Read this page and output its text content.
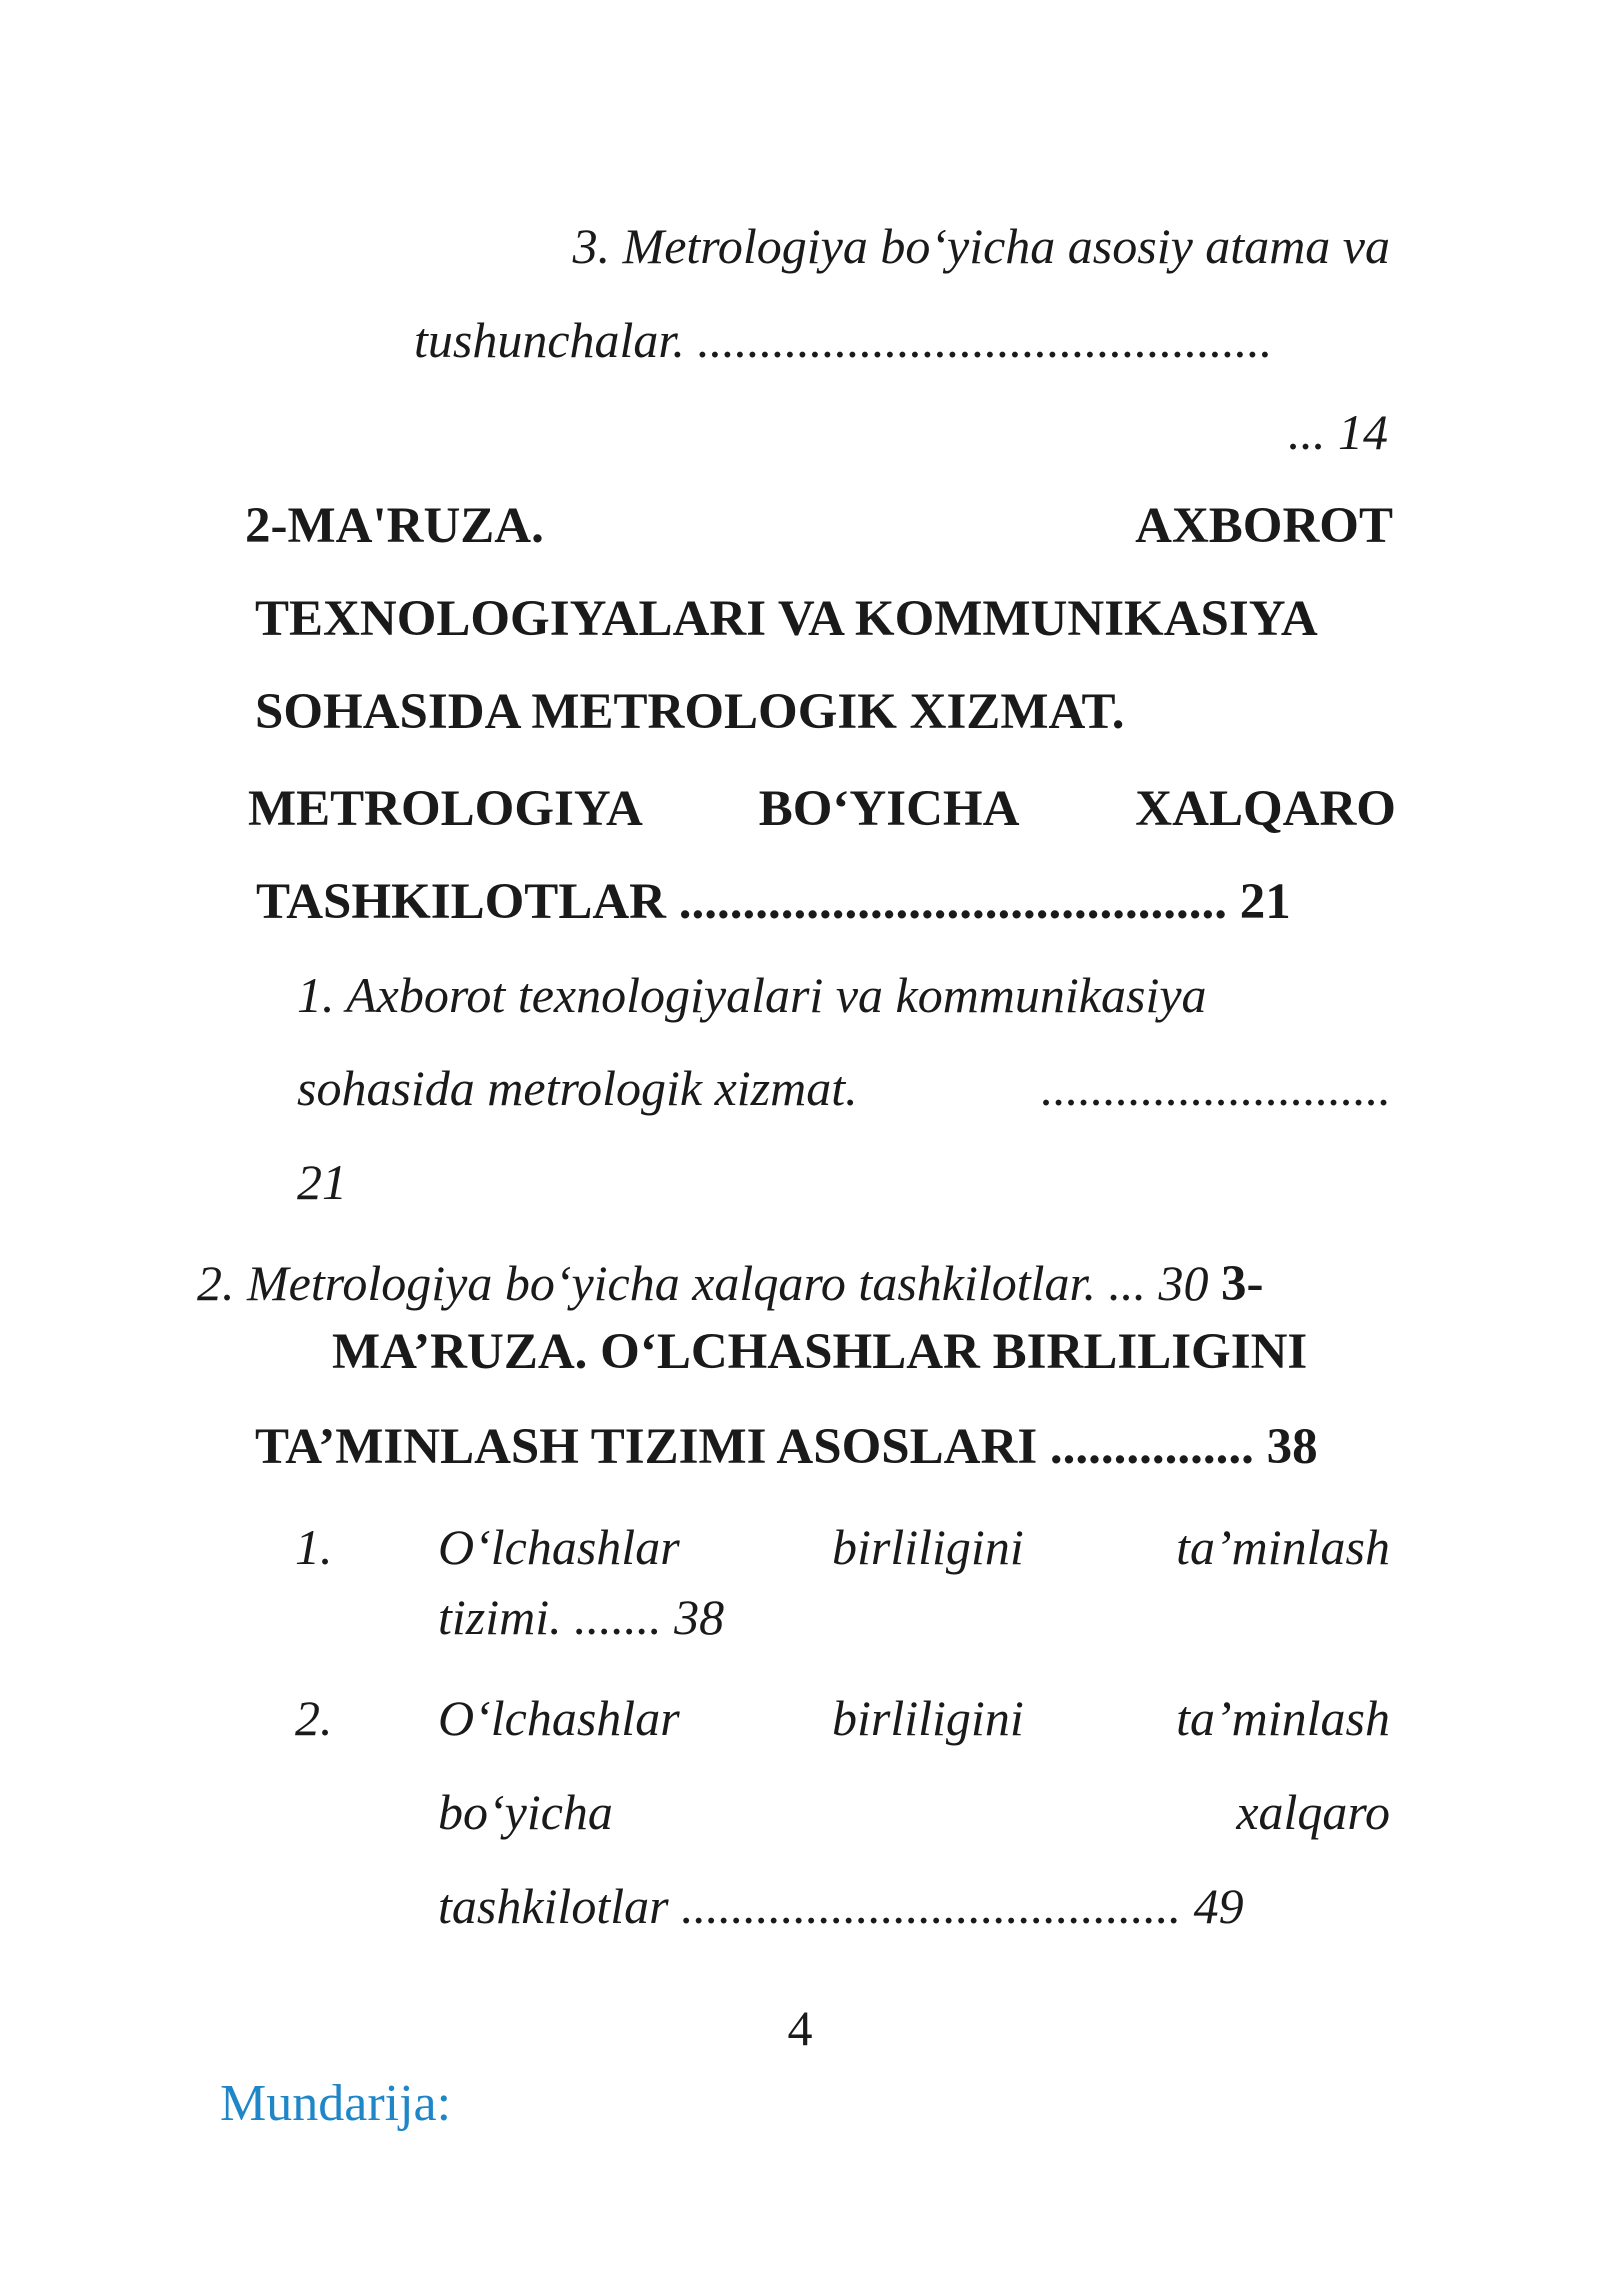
3. Metrologiya bo‘yicha asosiy atama va
tushunchalar. ..............................................
... 14
2-MA'RUZA.	AXBOROT
TEXNOLOGIYALARI VA KOMMUNIKASIYA
SOHASIDA METROLOGIK XIZMAT.
METROLOGIYA BO‘YICHA XALQARO
TASHKILOTLAR ........................................... 21
1. Axborot texnologiyalari va kommunikasiya
sohasida metrologik xizmat.	............................
21
2. Metrologiya bo‘yicha xalqaro tashkilotlar. ... 30 3-
MA’RUZA. O‘LCHASHLAR BIRLILIGINI
TA’MINLASH TIZIMI ASOSLARI ................ 38
1. O‘lchashlar	birliligini	ta’minlash
tizimi. ....... 38
2. O‘lchashlar	birliligini	ta’minlash
bo‘yicha	xalqaro
tashkilotlar ........................................ 49
4
Mundarija:
